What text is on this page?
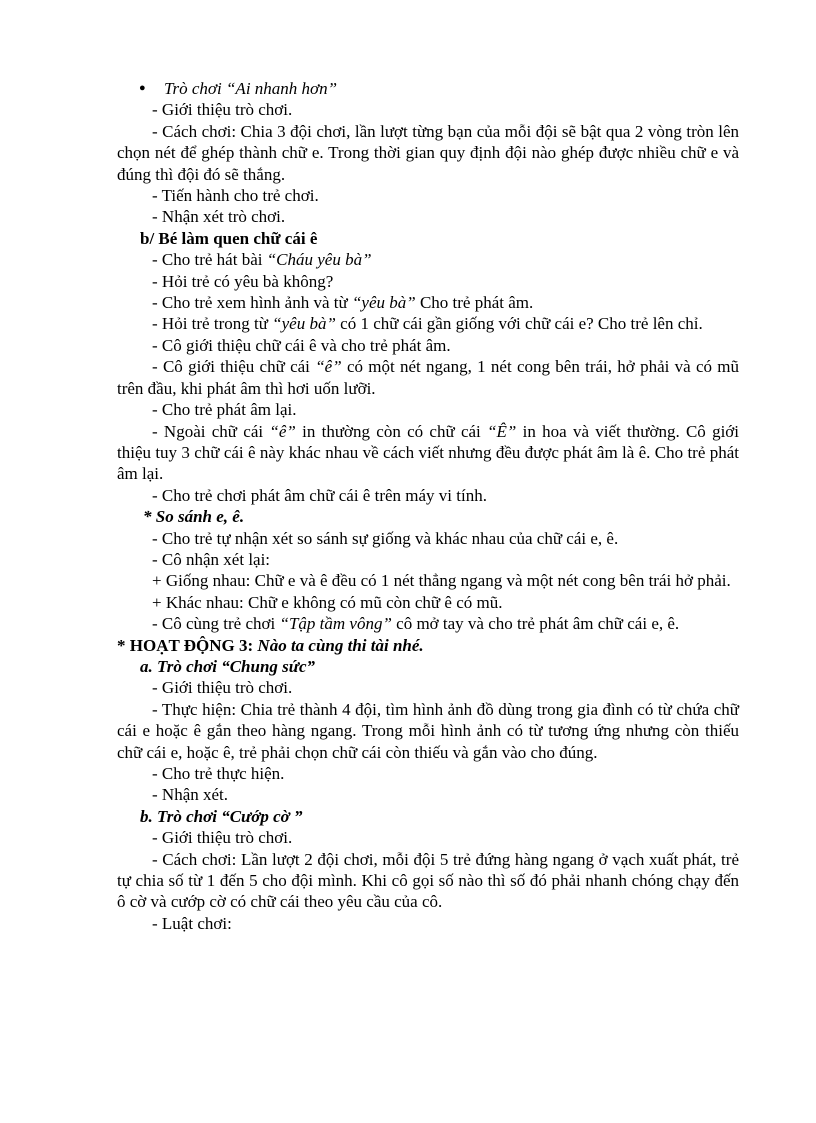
● Trò chơi “Ai nhanh hơn”

- Giới thiệu trò chơi.

- Cách chơi: Chia 3 đội chơi, lần lượt từng bạn của mỗi đội sẽ bật qua 2 vòng tròn lên chọn nét để ghép thành chữ e. Trong thời gian quy định đội nào ghép được nhiều chữ e và đúng thì đội đó sẽ thắng.

- Tiến hành cho trẻ chơi.

- Nhận xét trò chơi.

b/ Bé làm quen chữ cái ê

- Cho trẻ hát bài “Cháu yêu bà”

- Hỏi trẻ có yêu bà không?

- Cho trẻ xem hình ảnh và từ “yêu bà” Cho trẻ phát âm.

- Hỏi trẻ trong từ “yêu bà” có 1 chữ cái gần giống với chữ cái e? Cho trẻ lên chỉ.

- Cô giới thiệu chữ cái ê và cho trẻ phát âm.

- Cô giới thiệu chữ cái “ê” có một nét ngang, 1 nét cong bên trái, hở phải và có mũ trên đầu, khi phát âm thì hơi uốn lưỡi.

- Cho trẻ phát âm lại.

- Ngoài chữ cái “ê” in thường còn có chữ cái “Ê” in hoa và viết thường. Cô giới thiệu tuy 3 chữ cái ê này khác nhau về cách viết nhưng đều được phát âm là ê. Cho trẻ phát âm lại.

- Cho trẻ chơi phát âm chữ cái ê trên máy vi tính.

* So sánh e, ê.

- Cho trẻ tự nhận xét so sánh sự giống và khác nhau của chữ cái e, ê.

- Cô nhận xét lại:

+ Giống nhau: Chữ e và ê đều có 1 nét thẳng ngang và một nét cong bên trái hở phải.

+ Khác nhau: Chữ e không có mũ còn chữ ê có mũ.

- Cô cùng trẻ chơi “Tập tầm vông” cô mở tay và cho trẻ phát âm chữ cái e, ê.

* HOẠT ĐỘNG 3: Nào ta cùng thi tài nhé.

a. Trò chơi “Chung sức”

- Giới thiệu trò chơi.

- Thực hiện: Chia trẻ thành 4 đội, tìm hình ảnh đồ dùng trong gia đình có từ chứa chữ cái e hoặc ê gắn theo hàng ngang. Trong mỗi hình ảnh có từ tương ứng nhưng còn thiếu chữ cái e, hoặc ê, trẻ phải chọn chữ cái còn thiếu và gắn vào cho đúng.

- Cho trẻ thực hiện.

- Nhận xét.

b. Trò chơi “Cướp cờ ”

- Giới thiệu trò chơi.

- Cách chơi: Lần lượt 2 đội chơi, mỗi đội 5 trẻ đứng hàng ngang ở vạch xuất phát, trẻ tự chia số từ 1 đến 5 cho đội mình. Khi cô gọi số nào thì số đó phải nhanh chóng chạy đến ô cờ và cướp cờ có chữ cái theo yêu cầu của cô.

- Luật chơi:
